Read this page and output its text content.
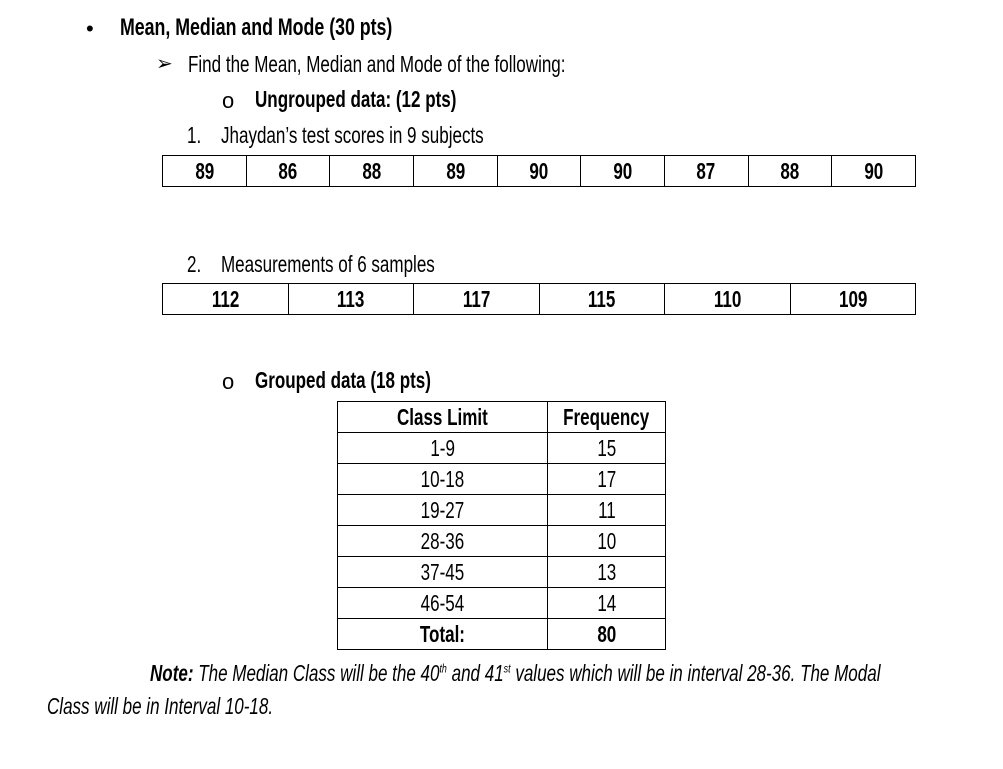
• Mean, Median and Mode (30 pts)
➢ Find the Mean, Median and Mode of the following:
o Ungrouped data: (12 pts)
1. Jhaydan’s test scores in 9 subjects
89	86	88	89	90	90	87	88	90
2. Measurements of 6 samples
112	113	117	115	110	109
o Grouped data (18 pts)
Class Limit	Frequency
1-9	15
10-18	17
19-27	11
28-36	10
37-45	13
46-54	14
Total:	80
Note: The Median Class will be the 40th and 41st values which will be in interval 28-36. The Modal
Class will be in Interval 10-18.
